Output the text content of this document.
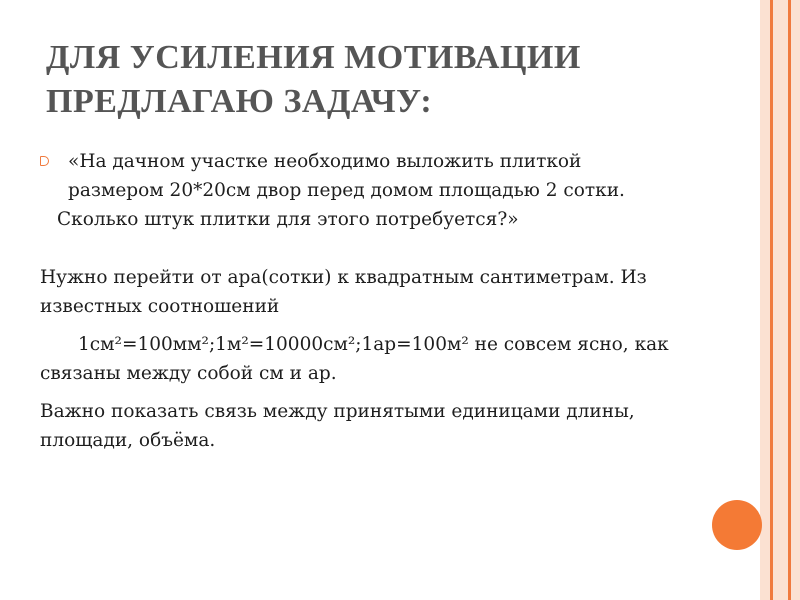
ДЛЯ УСИЛЕНИЯ МОТИВАЦИИ
ПРЕДЛАГАЮ ЗАДАЧУ:

«На дачном участке необходимо выложить плиткой
размером 20*20см двор перед домом площадью 2 сотки.

Сколько штук плитки для этого потребуется?»

Нужно перейти от ара(сотки) к квадратным сантиметрам. Из
известных соотношений

1см²=100мм²;1м²=10000см²;1ар=100м² не совсем ясно, как
связаны между собой см и ар.

Важно показать связь между принятыми единицами длины,
площади, объёма.
